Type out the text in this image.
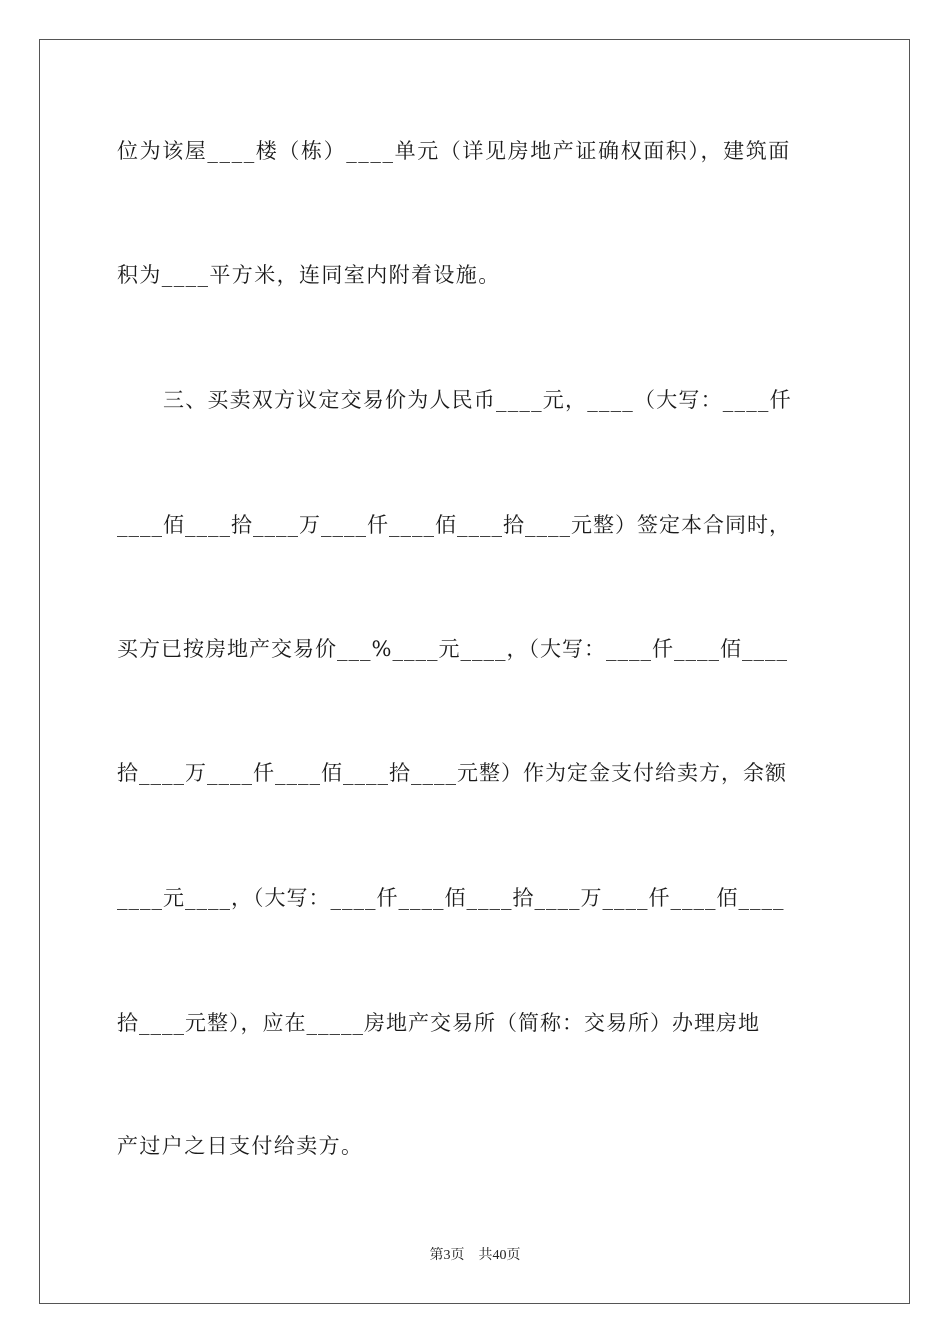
位为该屋____楼（栋）____单元（详见房地产证确权面积），建筑面
积为____平方米，连同室内附着设施。
三、买卖双方议定交易价为人民币____元，____（大写：____仟
____佰____拾____万____仟____佰____拾____元整）签定本合同时，
买方已按房地产交易价___%____元____，（大写：____仟____佰____
拾____万____仟____佰____拾____元整）作为定金支付给卖方，余额
____元____，（大写：____仟____佰____拾____万____仟____佰____
拾____元整），应在_____房地产交易所（简称：交易所）办理房地
产过户之日支付给卖方。
第3页 共40页
